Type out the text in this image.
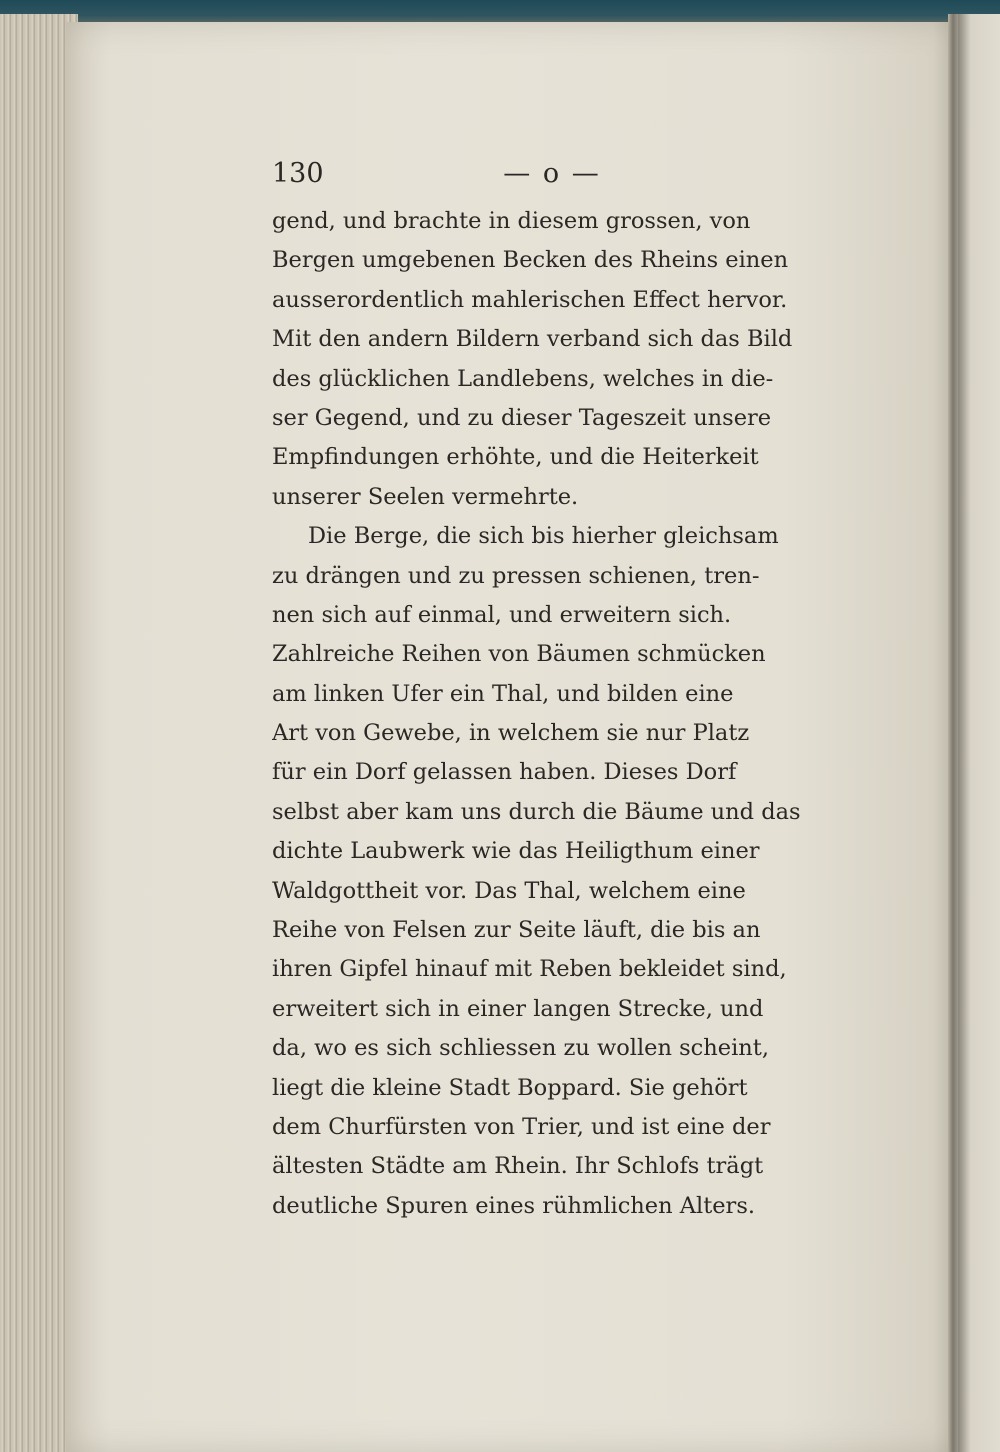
130	— o —
gend, und brachte in diesem grossen, von
Bergen umgebenen Becken des Rheins einen
ausserordentlich mahlerischen Effect hervor.
Mit den andern Bildern verband sich das Bild
des glücklichen Landlebens, welches in die-
ser Gegend, und zu dieser Tageszeit unsere
Empfindungen erhöhte, und die Heiterkeit
unserer Seelen vermehrte.
Die Berge, die sich bis hierher gleichsam
zu drängen und zu pressen schienen, tren-
nen sich auf einmal, und erweitern sich.
Zahlreiche Reihen von Bäumen schmücken
am linken Ufer ein Thal, und bilden eine
Art von Gewebe, in welchem sie nur Platz
für ein Dorf gelassen haben. Dieses Dorf
selbst aber kam uns durch die Bäume und das
dichte Laubwerk wie das Heiligthum einer
Waldgottheit vor. Das Thal, welchem eine
Reihe von Felsen zur Seite läuft, die bis an
ihren Gipfel hinauf mit Reben bekleidet sind,
erweitert sich in einer langen Strecke, und
da, wo es sich schliessen zu wollen scheint,
liegt die kleine Stadt Boppard. Sie gehört
dem Churfürsten von Trier, und ist eine der
ältesten Städte am Rhein. Ihr Schlofs trägt
deutliche Spuren eines rühmlichen Alters.
